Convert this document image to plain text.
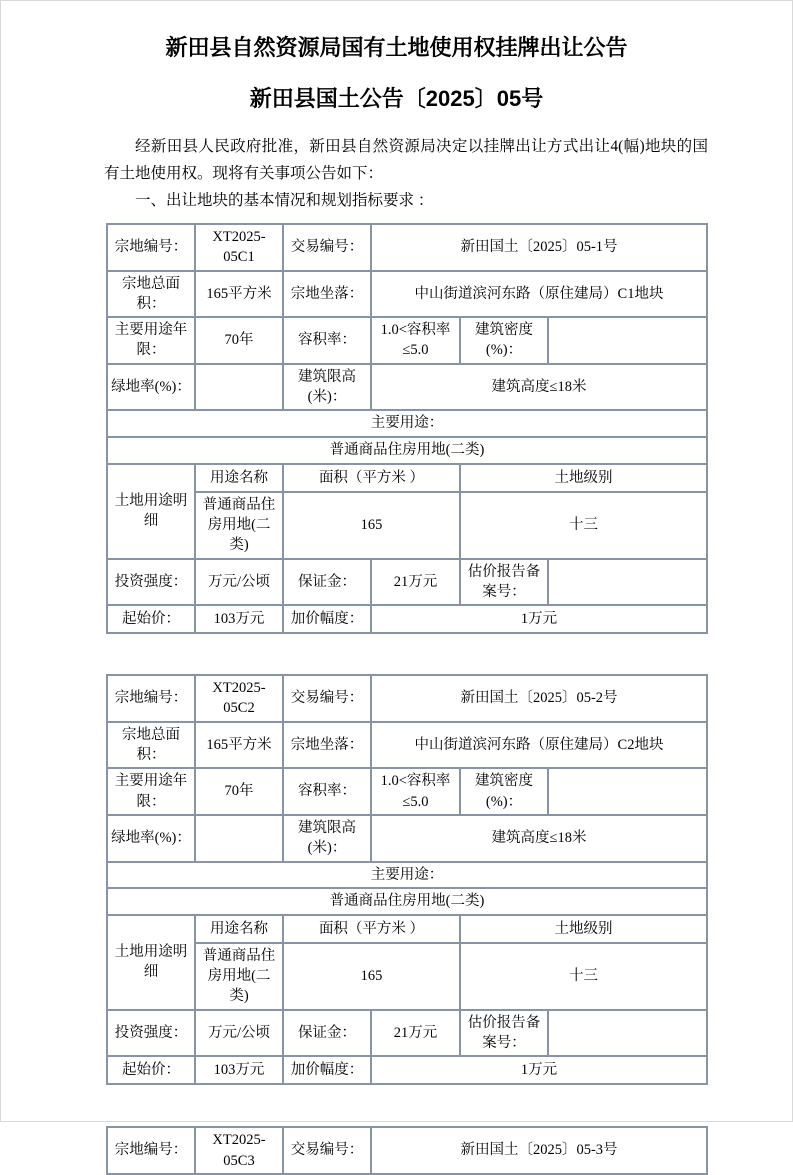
新田县自然资源局国有土地使用权挂牌出让公告
新田县国土公告〔2025〕05号

经新田县人民政府批准，新田县自然资源局决定以挂牌出让方式出让4(幅)地块的国有土地使用权。现将有关事项公告如下：

一、出让地块的基本情况和规划指标要求 ：

宗地编号：	XT2025-05C1	交易编号：	新田国土〔2025〕05-1号		
宗地总面积：	165平方米	宗地坐落：	中山街道滨河东路（原住建局）C1地块		
主要用途年限：	70年	容积率：	1.0<容积率≤5.0	建筑密度(%)：	
绿地率(%)：		建筑限高(米)：	建筑高度≤18米		
主要用途：					
普通商品住房用地(二类)					
土地用途明细	用途名称	面积（平方米 ）		土地级别	
	普通商品住房用地(二类)	165		十三	
投资强度：	万元/公顷	保证金：	21万元	估价报告备案号：	
起始价：	103万元	加价幅度：	1万元		
宗地编号：	XT2025-05C2	交易编号：	新田国土〔2025〕05-2号		
宗地总面积：	165平方米	宗地坐落：	中山街道滨河东路（原住建局）C2地块		
主要用途年限：	70年	容积率：	1.0<容积率≤5.0	建筑密度(%)：	
绿地率(%)：		建筑限高(米)：	建筑高度≤18米		
主要用途：					
普通商品住房用地(二类)					
土地用途明细	用途名称	面积（平方米 ）		土地级别	
	普通商品住房用地(二类)	165		十三	
投资强度：	万元/公顷	保证金：	21万元	估价报告备案号：	
起始价：	103万元	加价幅度：	1万元		
宗地编号：	XT2025-05C3	交易编号：	新田国土〔2025〕05-3号
